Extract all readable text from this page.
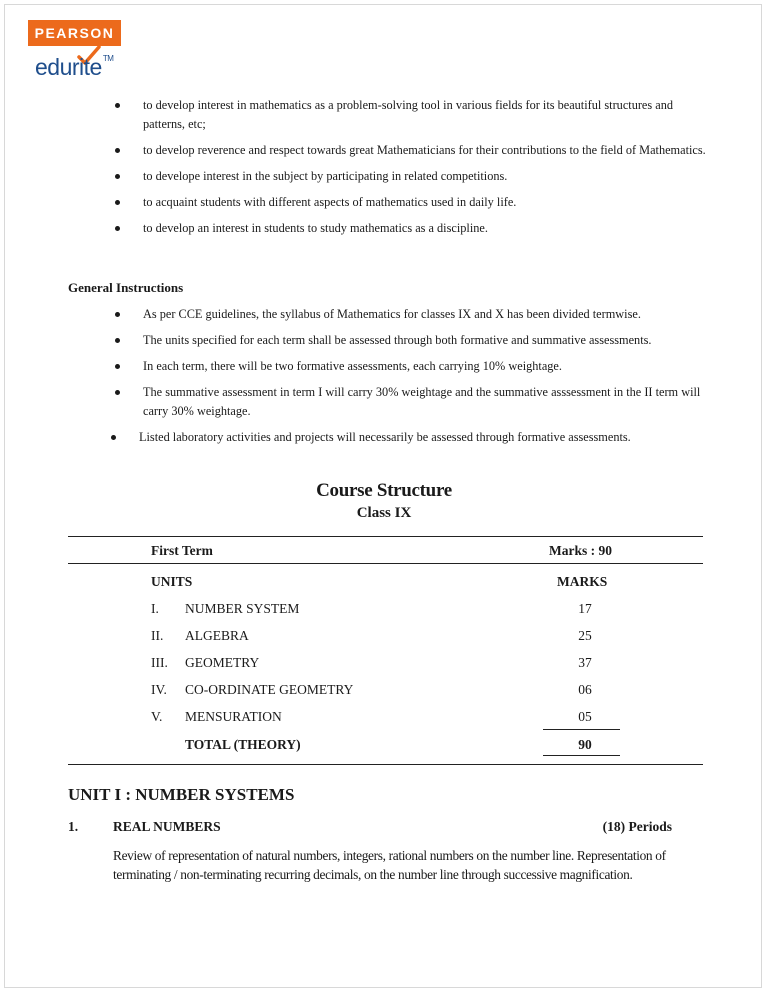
PEARSON
edurite™
to develop interest in mathematics as a problem-solving tool in various fields for its beautiful structures and patterns, etc;
to develop reverence and respect towards great Mathematicians for their contributions to the field of Mathematics.
to develope interest in the subject by participating in related competitions.
to acquaint students with different aspects of mathematics used in daily life.
to develop an interest in students to study mathematics as a discipline.
General Instructions
As per CCE guidelines, the syllabus of Mathematics for classes IX and X has been divided termwise.
The units specified for each term shall be assessed through both formative and summative assessments.
In each term, there will be two formative assessments, each carrying 10% weightage.
The summative assessment in term I will carry 30% weightage and the summative asssessment in the II term will carry 30% weightage.
Listed laboratory activities and projects will necessarily be assessed through formative assessments.
Course Structure
Class IX
First Term	Marks : 90
UNITS	MARKS
I. NUMBER SYSTEM	17
II. ALGEBRA	25
III. GEOMETRY	37
IV. CO-ORDINATE GEOMETRY	06
V. MENSURATION	05
TOTAL (THEORY)	90
UNIT I : NUMBER SYSTEMS
1.	REAL NUMBERS	(18) Periods
Review of representation of natural numbers, integers, rational numbers on the number line. Representation of terminating / non-terminating recurring decimals, on the number line through successive magnification.
